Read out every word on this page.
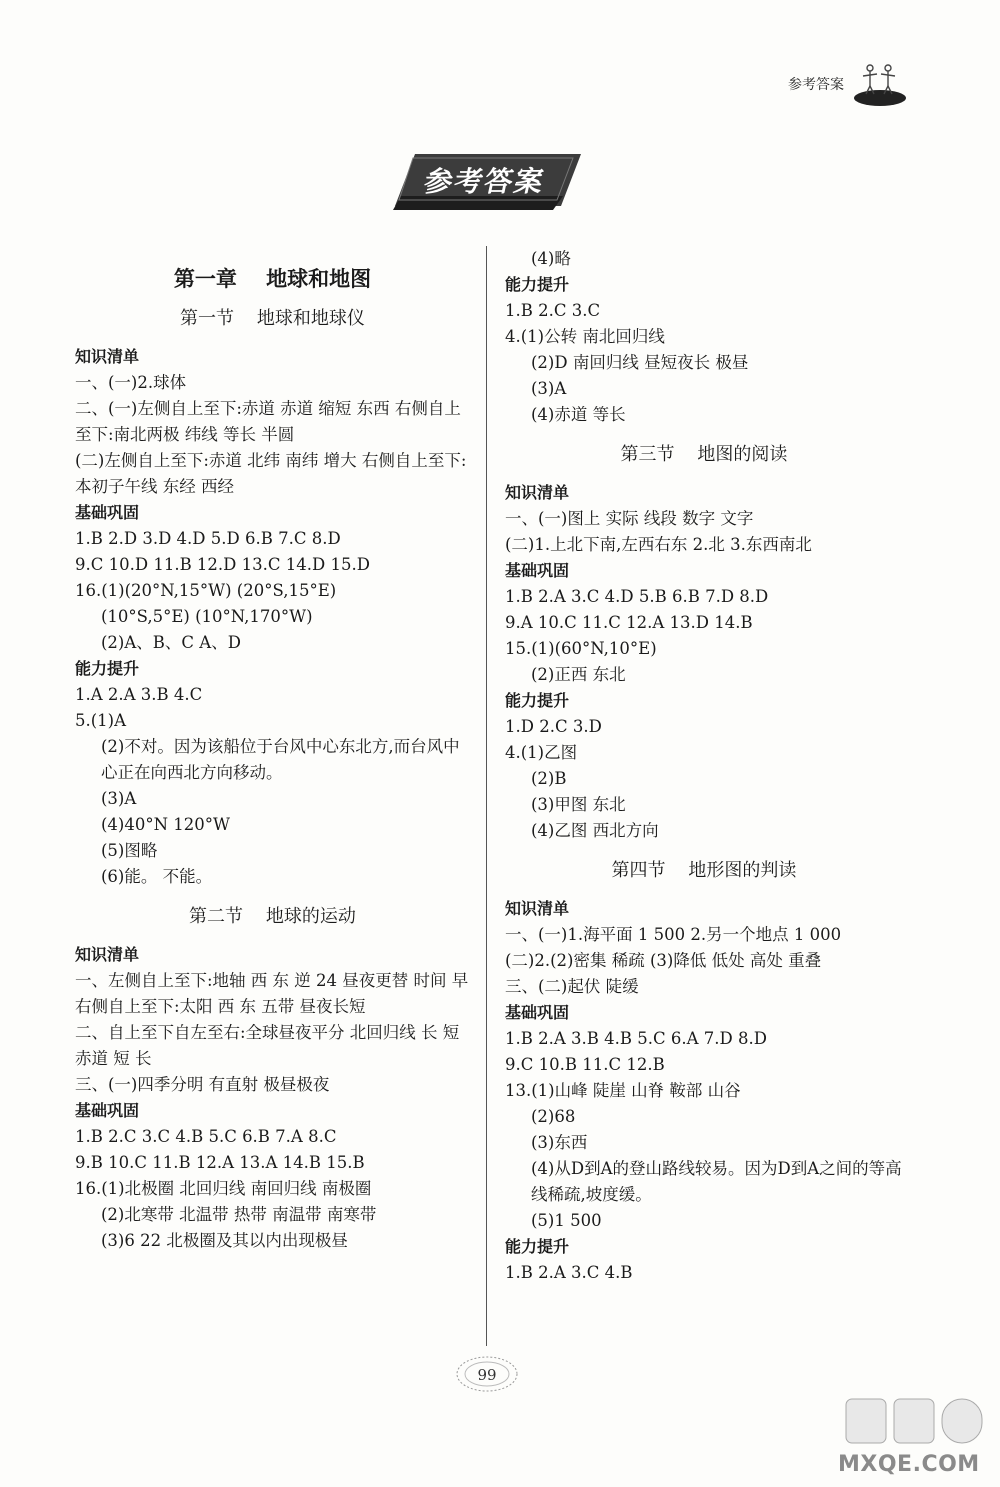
参考答案
参考答案
第一章    地球和地图
第一节    地球和地球仪
知识清单
一、(一)2.球体
二、(一)左侧自上至下:赤道 赤道 缩短 东西 右侧自上至下:南北两极 纬线 等长 半圆
(二)左侧自上至下:赤道 北纬 南纬 增大 右侧自上至下:本初子午线 东经 西经
基础巩固
1.B 2.D 3.D 4.D 5.D 6.B 7.C 8.D
9.C 10.D 11.B 12.D 13.C 14.D 15.D
16.(1)(20°N,15°W) (20°S,15°E)
(10°S,5°E) (10°N,170°W)
(2)A、B、C A、D
能力提升
1.A 2.A 3.B 4.C
5.(1)A
(2)不对。因为该船位于台风中心东北方,而台风中心正在向西北方向移动。
(3)A
(4)40°N 120°W
(5)图略
(6)能。 不能。
第二节    地球的运动
知识清单
一、左侧自上至下:地轴 西 东 逆 24 昼夜更替 时间 早 右侧自上至下:太阳 西 东 五带 昼夜长短
二、自上至下自左至右:全球昼夜平分 北回归线 长 短 赤道 短 长
三、(一)四季分明 有直射 极昼极夜
基础巩固
1.B 2.C 3.C 4.B 5.C 6.B 7.A 8.C
9.B 10.C 11.B 12.A 13.A 14.B 15.B
16.(1)北极圈 北回归线 南回归线 南极圈
(2)北寒带 北温带 热带 南温带 南寒带
(3)6 22 北极圈及其以内出现极昼
(4)略
能力提升
1.B 2.C 3.C
4.(1)公转 南北回归线
(2)D 南回归线 昼短夜长 极昼
(3)A
(4)赤道 等长
第三节    地图的阅读
知识清单
一、(一)图上 实际 线段 数字 文字
(二)1.上北下南,左西右东 2.北 3.东西南北
基础巩固
1.B 2.A 3.C 4.D 5.B 6.B 7.D 8.D
9.A 10.C 11.C 12.A 13.D 14.B
15.(1)(60°N,10°E)
(2)正西 东北
能力提升
1.D 2.C 3.D
4.(1)乙图
(2)B
(3)甲图 东北
(4)乙图 西北方向
第四节    地形图的判读
知识清单
一、(一)1.海平面 1 500 2.另一个地点 1 000
(二)2.(2)密集 稀疏 (3)降低 低处 高处 重叠
三、(二)起伏 陡缓
基础巩固
1.B 2.A 3.B 4.B 5.C 6.A 7.D 8.D
9.C 10.B 11.C 12.B
13.(1)山峰 陡崖 山脊 鞍部 山谷
(2)68
(3)东西
(4)从D到A的登山路线较易。因为D到A之间的等高线稀疏,坡度缓。
(5)1 500
能力提升
1.B 2.A 3.C 4.B
99
MXQE.COM
